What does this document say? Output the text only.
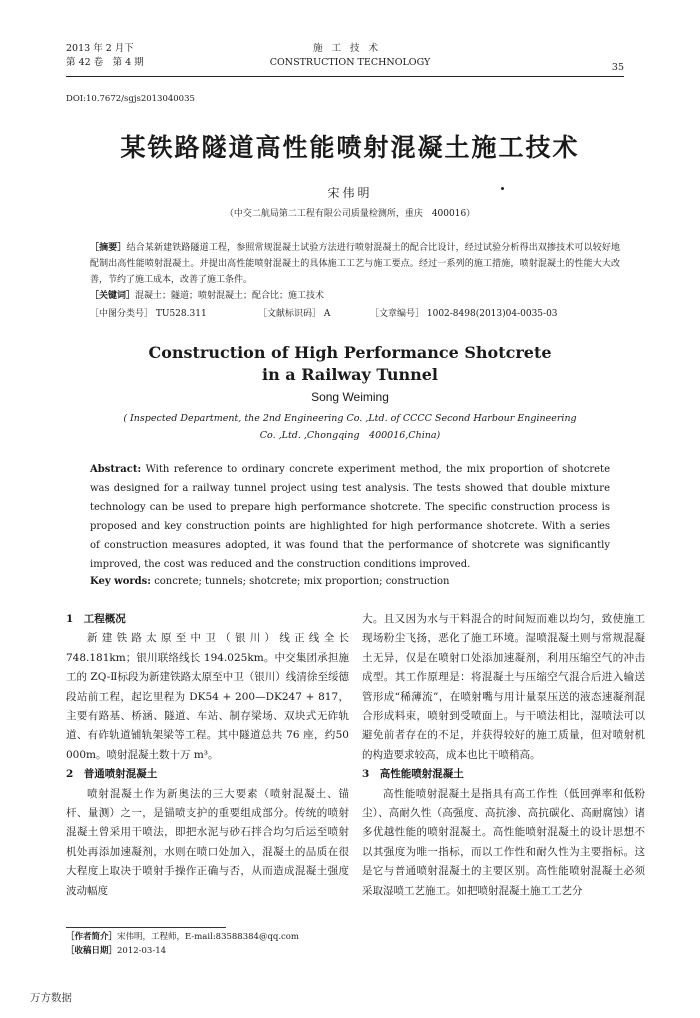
2013 年 2 月下
第 42 卷　第 4 期
施工技术
CONSTRUCTION TECHNOLOGY	35
DOI:10.7672/sgjs2013040035
某铁路隧道高性能喷射混凝土施工技术
宋伟明
（中交二航局第二工程有限公司质量检测所，重庆　400016）
［摘要］结合某新建铁路隧道工程，参照常规混凝土试验方法进行喷射混凝土的配合比设计，经过试验分析得出双掺技术可以较好地配制出高性能喷射混凝土。并提出高性能喷射混凝土的具体施工工艺与施工要点。经过一系列的施工措施，喷射混凝土的性能大大改善，节约了施工成本，改善了施工条件。
［关键词］混凝土；隧道；喷射混凝土；配合比；施工技术
［中图分类号］ TU528.311	［文献标识码］ A	［文章编号］ 1002-8498(2013)04-0035-03
Construction of High Performance Shotcrete
in a Railway Tunnel
Song Weiming
( Inspected Department, the 2nd Engineering Co. ,Ltd. of CCCC Second Harbour Engineering Co. ,Ltd. ,Chongqing　400016,China)
Abstract: With reference to ordinary concrete experiment method, the mix proportion of shotcrete was designed for a railway tunnel project using test analysis. The tests showed that double mixture technology can be used to prepare high performance shotcrete. The specific construction process is proposed and key construction points are highlighted for high performance shotcrete. With a series of construction measures adopted, it was found that the performance of shotcrete was significantly improved, the cost was reduced and the construction conditions improved.
Key words: concrete; tunnels; shotcrete; mix proportion; construction
1　工程概况

新建铁路太原至中卫（银川）线正线全长 748.181km；银川联络线长 194.025km。中交集团承担施工的 ZQ-Ⅱ标段为新建铁路太原至中卫（银川）线清徐至绥德段站前工程，起讫里程为 DK54 + 200—DK247 + 817，主要有路基、桥涵、隧道、车站、制存梁场、双块式无砟轨道、有砟轨道铺轨架梁等工程。其中隧道总共 76 座，约50 000m。喷射混凝土数十万 m³。

2　普通喷射混凝土

喷射混凝土作为新奥法的三大要素（喷射混凝土、锚杆、量测）之一，是锚喷支护的重要组成部分。传统的喷射混凝土曾采用干喷法，即把水泥与砂石拌合均匀后运至喷射机处再添加速凝剂，水则在喷口处加入，混凝土的品质在很大程度上取决于喷射手操作正确与否，从而造成混凝土强度波动幅度

大。且又因为水与干料混合的时间短而难以均匀，致使施工现场粉尘飞扬，恶化了施工环境。湿喷混凝土则与常规混凝土无异，仅是在喷射口处添加速凝剂，利用压缩空气的冲击成型。其工作原理是：将混凝土与压缩空气混合后进入输送管形成“稀薄流”，在喷射嘴与用计量泵压送的液态速凝剂混合形成料束，喷射到受喷面上。与干喷法相比，湿喷法可以避免前者存在的不足，并获得较好的施工质量，但对喷射机的构造要求较高，成本也比干喷稍高。

3　高性能喷射混凝土

高性能喷射混凝土是指具有高工作性（低回弹率和低粉尘）、高耐久性（高强度、高抗渗、高抗碳化、高耐腐蚀）诸多优越性能的喷射混凝土。高性能喷射混凝土的设计思想不以其强度为唯一指标，而以工作性和耐久性为主要指标。这是它与普通喷射混凝土的主要区别。高性能喷射混凝土必须采取湿喷工艺施工。如把喷射混凝土施工工艺分

［作者简介］宋伟明，工程师，E-mail:83588384@qq.com
［收稿日期］2012-03-14
万方数据
